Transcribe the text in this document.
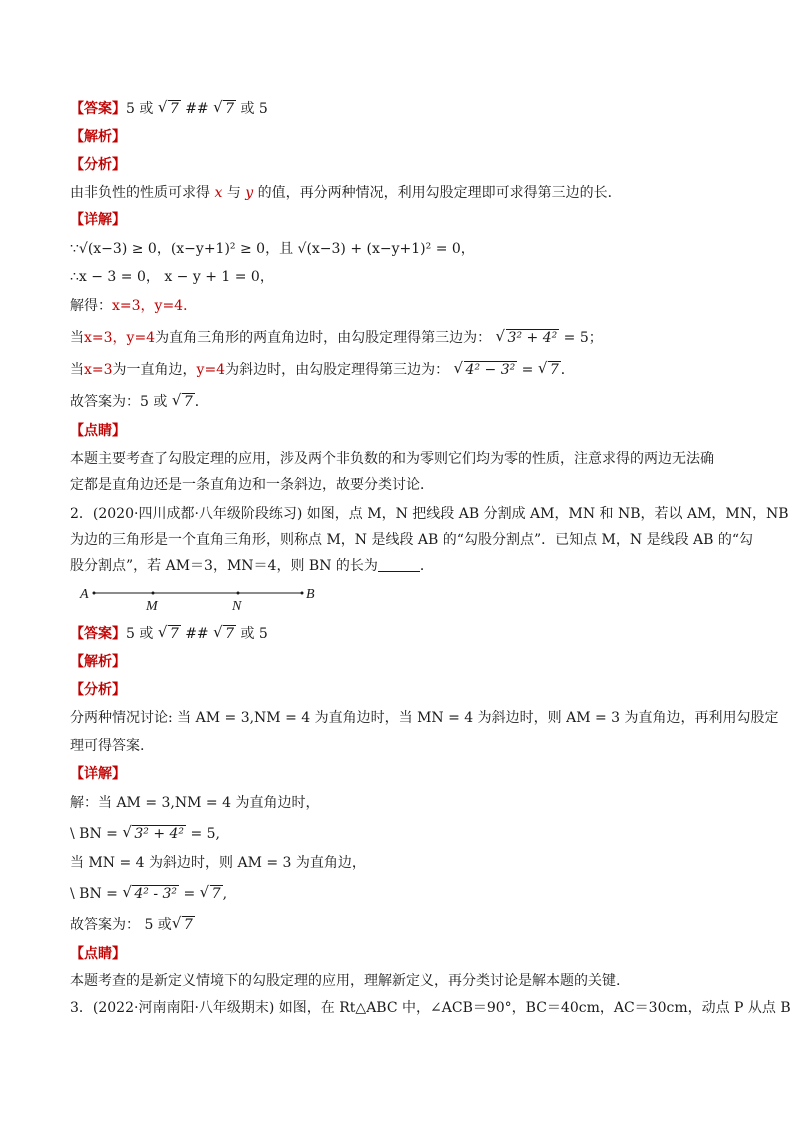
【答案】5 或 √ 7 ## √ 7 或 5
【解析】
【分析】
由非负性的性质可求得 x 与 y 的值，再分两种情况，利用勾股定理即可求得第三边的长．
【详解】
∵√(x−3) ≥ 0，(x−y+1)² ≥ 0，且 √(x−3) + (x−y+1)² = 0，
∴x − 3 = 0， x − y + 1 = 0，
解得：x=3，y=4．
当x=3，y=4为直角三角形的两直角边时，由勾股定理得第三边为： √ 3² + 4² = 5；
当x=3为一直角边，y=4为斜边时，由勾股定理得第三边为： √ 4² − 3² = √ 7 ．
故答案为：5 或 √ 7 ．
【点睛】
本题主要考查了勾股定理的应用，涉及两个非负数的和为零则它们均为零的性质，注意求得的两边无法确
定都是直角边还是一条直角边和一条斜边，故要分类讨论．
2．(2020·四川成都·八年级阶段练习) 如图，点 M，N 把线段 AB 分割成 AM，MN 和 NB，若以 AM，MN，NB
为边的三角形是一个直角三角形，则称点 M，N 是线段 AB 的“勾股分割点”．已知点 M，N 是线段 AB 的“勾
股分割点”，若 AM＝3，MN＝4，则 BN 的长为	．
A
M	N
B
【答案】5 或 √ 7 ## √ 7 或 5
【解析】
【分析】
分两种情况讨论: 当 AM = 3,NM = 4 为直角边时，当 MN = 4 为斜边时，则 AM = 3 为直角边，再利用勾股定
理可得答案.
【详解】
解：当 AM = 3,NM = 4 为直角边时，
\ BN = √ 3² + 4² = 5,
当 MN = 4 为斜边时，则 AM = 3 为直角边，
\ BN = √ 4² - 3² = √ 7 ,
故答案为： 5 或 √ 7
【点睛】
本题考查的是新定义情境下的勾股定理的应用，理解新定义，再分类讨论是解本题的关键.
3．(2022·河南南阳·八年级期末) 如图，在 Rt△ABC 中，∠ACB＝90°，BC＝40cm，AC＝30cm，动点 P 从点 B
